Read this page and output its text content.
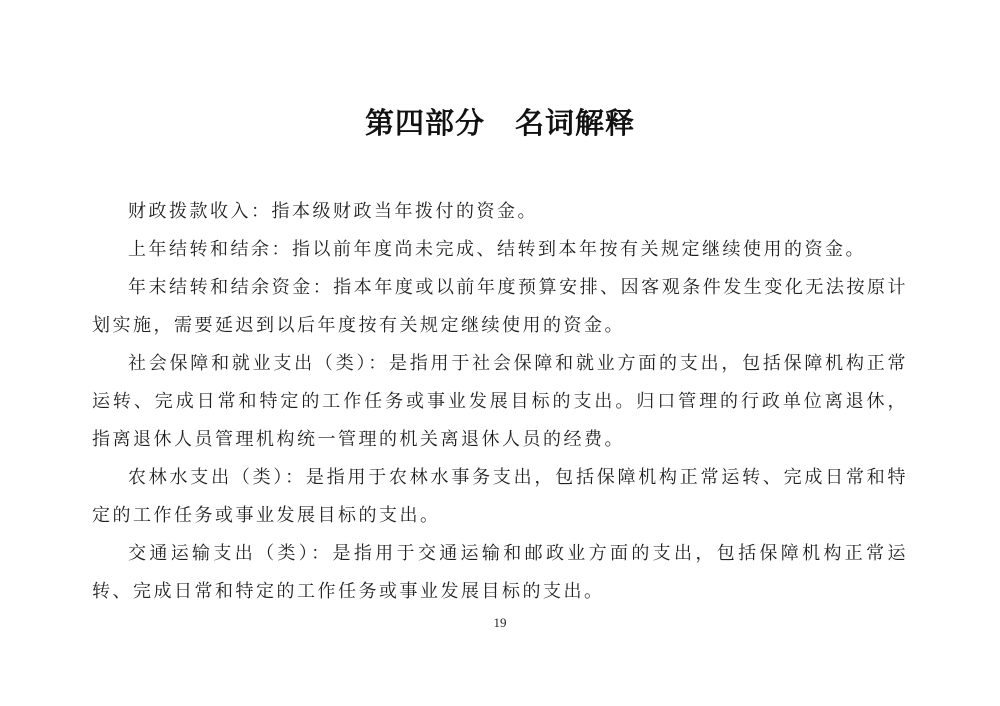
第四部分　名词解释

财政拨款收入：指本级财政当年拨付的资金。

上年结转和结余：指以前年度尚未完成、结转到本年按有关规定继续使用的资金。

年末结转和结余资金：指本年度或以前年度预算安排、因客观条件发生变化无法按原计划实施，需要延迟到以后年度按有关规定继续使用的资金。

社会保障和就业支出（类）：是指用于社会保障和就业方面的支出，包括保障机构正常运转、完成日常和特定的工作任务或事业发展目标的支出。归口管理的行政单位离退休，指离退休人员管理机构统一管理的机关离退休人员的经费。

农林水支出（类）：是指用于农林水事务支出，包括保障机构正常运转、完成日常和特定的工作任务或事业发展目标的支出。

交通运输支出（类）：是指用于交通运输和邮政业方面的支出，包括保障机构正常运转、完成日常和特定的工作任务或事业发展目标的支出。

19
